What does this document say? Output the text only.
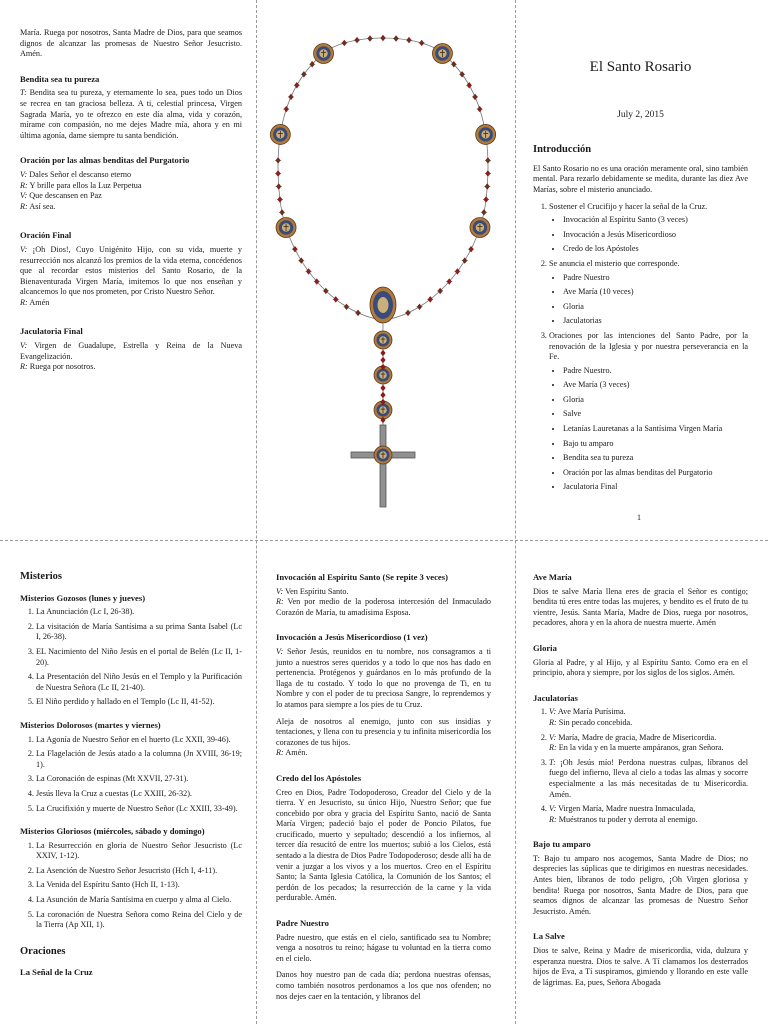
María. Ruega por nosotros, Santa Madre de Dios, para que seamos dignos de alcanzar las promesas de Nuestro Señor Jesucristo. Amén.

Bendita sea tu pureza

T: Bendita sea tu pureza, y eternamente lo sea, pues todo un Dios se recrea en tan graciosa belleza. A ti, celestial princesa, Virgen Sagrada María, yo te ofrezco en este día alma, vida y corazón, mírame con compasión, no me dejes Madre mía, ahora y en mi última agonía, dame siempre tu santa bendición.

Oración por las almas benditas del Purgatorio

V: Dales Señor el descanso eterno

R: Y brille para ellos la Luz Perpetua

V: Que descansen en Paz

R: Así sea.

Oración Final

V: ¡Oh Dios!, Cuyo Unigénito Hijo, con su vida, muerte y resurrección nos alcanzó los premios de la vida eterna, concédenos que al recordar estos misterios del Santo Rosario, de la Bienaventurada Virgen María, imitemos lo que nos enseñan y alcancemos lo que nos prometen, por Cristo Nuestro Señor.

R: Amén

Jaculatoria Final

V: Virgen de Guadalupe, Estrella y Reina de la Nueva Evangelización.

R: Ruega por nosotros.

El Santo Rosario
July 2, 2015
Introducción

El Santo Rosario no es una oración meramente oral, sino también mental. Para rezarlo debidamente se medita, durante las diez Ave Marías, sobre el misterio anunciado.

1. Sostener el Crucifijo y hacer la señal de la Cruz.
• Invocación al Espíritu Santo (3 veces)
• Invocación a Jesús Misericordioso
• Credo de los Apóstoles
2. Se anuncia el misterio que corresponde.
• Padre Nuestro
• Ave María (10 veces)
• Gloria
• Jaculatorias
3. Oraciones por las intenciones del Santo Padre, por la renovación de la Iglesia y por nuestra perseverancia en la Fe.
• Padre Nuestro.
• Ave María (3 veces)
• Gloria
• Salve
• Letanías Lauretanas a la Santísima Virgen María
• Bajo tu amparo
• Bendita sea tu pureza
• Oración por las almas benditas del Purgatorio
• Jaculatoria Final
1
Misterios
Misterios Gozosos (lunes y jueves)
1. La Anunciación (Lc I, 26-38).
2. La visitación de María Santísima a su prima Santa Isabel (Lc I, 26-38).
3. EL Nacimiento del Niño Jesús en el portal de Belén (Lc II, 1-20).
4. La Presentación del Niño Jesús en el Templo y la Purificación de Nuestra Señora (Lc II, 21-40).
5. El Niño perdido y hallado en el Templo (Lc II, 41-52).
Misterios Dolorosos (martes y viernes)
1. La Agonía de Nuestro Señor en el huerto (Lc XXII, 39-46).
2. La Flagelación de Jesús atado a la columna (Jn XVIII, 36-19; 1).
3. La Coronación de espinas (Mt XXVII, 27-31).
4. Jesús lleva la Cruz a cuestas (Lc XXIII, 26-32).
5. La Crucifixión y muerte de Nuestro Señor (Lc XXIII, 33-49).
Misterios Gloriosos (miércoles, sábado y domingo)
1. La Resurrección en gloria de Nuestro Señor Jesucristo (Lc XXIV, 1-12).
2. La Asención de Nuestro Señor Jesucristo (Hch I, 4-11).
3. La Venida del Espíritu Santo (Hch II, 1-13).
4. La Asunción de María Santísima en cuerpo y alma al Cielo.
5. La coronación de Nuestra Señora como Reina del Cielo y de la Tierra (Ap XII, 1).
Oraciones
La Señal de la Cruz
Invocación al Espíritu Santo (Se repite 3 veces)

V: Ven Espíritu Santo.

R: Ven por medio de la poderosa intercesión del Inmaculado Corazón de María, tu amadísima Esposa.

Invocación a Jesús Misericordioso (1 vez)

V: Señor Jesús, reunidos en tu nombre, nos consagramos a ti junto a nuestros seres queridos y a todo lo que nos has dado en pertenencia. Protégenos y guárdanos en lo más profundo de la llaga de tu costado. Y todo lo que no provenga de Ti, en tu Nombre y con el poder de tu preciosa Sangre, lo reprendemos y lo atamos para siempre a los pies de tu Cruz.

Aleja de nosotros al enemigo, junto con sus insidias y tentaciones, y llena con tu presencia y tu infinita misericordia los corazones de tus hijos.

R: Amén.

Credo del los Apóstoles

Creo en Dios, Padre Todopoderoso, Creador del Cielo y de la tierra. Y en Jesucristo, su único Hijo, Nuestro Señor; que fue concebido por obra y gracia del Espíritu Santo, nació de Santa María Virgen; padeció bajo el poder de Poncio Pilatos, fue crucificado, muerto y sepultado; descendió a los infiernos, al tercer día resucitó de entre los muertos; subió a los Cielos, está sentado a la diestra de Dios Padre Todopoderoso; desde allí ha de venir a juzgar a los vivos y a los muertos. Creo en el Espíritu Santo; la Santa Iglesia Católica, la Comunión de los Santos; el perdón de los pecados; la resurrección de la carne y la vida perdurable. Amén.

Padre Nuestro

Padre nuestro, que estás en el cielo, santificado sea tu Nombre; venga a nosotros tu reino; hágase tu voluntad en la tierra como en el cielo.

Danos hoy nuestro pan de cada día; perdona nuestras ofensas, como también nosotros perdonamos a los que nos ofenden; no nos dejes caer en la tentación, y líbranos del

Ave María

Dios te salve María llena eres de gracia el Señor es contigo; bendita tú eres entre todas las mujeres, y bendito es el fruto de tu vientre, Jesús. Santa María, Madre de Dios, ruega por nosotros, pecadores, ahora y en la ahora de nuestra muerte. Amén

Gloria

Gloria al Padre, y al Hijo, y al Espíritu Santo. Como era en el principio, ahora y siempre, por los siglos de los siglos. Amén.

Jaculatorias
1. V: Ave María Purísima.
R: Sin pecado concebida.
2. V: María, Madre de gracia, Madre de Misericordia.
R: En la vida y en la muerte ampáranos, gran Señora.
3. T: ¡Oh Jesús mío! Perdona nuestras culpas, líbranos del fuego del infierno, lleva al cielo a todas las almas y socorre especialmente a las más necesitadas de tu Misericordia. Amén.
4. V: Virgen María, Madre nuestra Inmaculada,
R: Muéstranos tu poder y derrota al enemigo.
Bajo tu amparo

T: Bajo tu amparo nos acogemos, Santa Madre de Dios; no desprecies las súplicas que te dirigimos en nuestras necesidades. Antes bien, líbranos de todo peligro, ¡Oh Virgen gloriosa y bendita! Ruega por nosotros, Santa Madre de Dios, para que seamos dignos de alcanzar las promesas de Nuestro Señor Jesucristo. Amén.

La Salve

Dios te salve, Reina y Madre de misericordia, vida, dulzura y esperanza nuestra. Dios te salve. A Tí clamamos los desterrados hijos de Eva, a Tí suspiramos, gimiendo y llorando en este valle de lágrimas. Ea, pues, Señora Abogada
